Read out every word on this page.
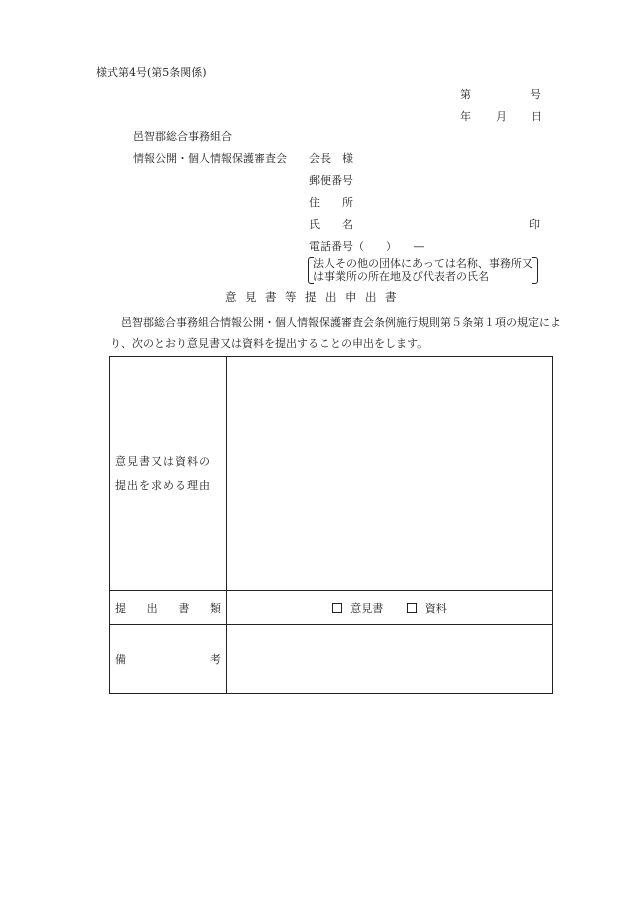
様式第4号(第5条関係)
第	号
年 月 日
邑智郡総合事務組合
情報公開・個人情報保護審査会 会長　様
郵便番号
住　　所
氏　　名	印
電話番号（　　）　　—
法人その他の団体にあっては名称、事務所又は事業所の所在地及び代表者の氏名
意見書等提出申出書
邑智郡総合事務組合情報公開・個人情報保護審査会条例施行規則第５条第１項の規定により、次のとおり意見書又は資料を提出することの申出をします。
意見書又は資料の
提出を求める理由	

提 出 書 類	意見書 資料

備 考	
